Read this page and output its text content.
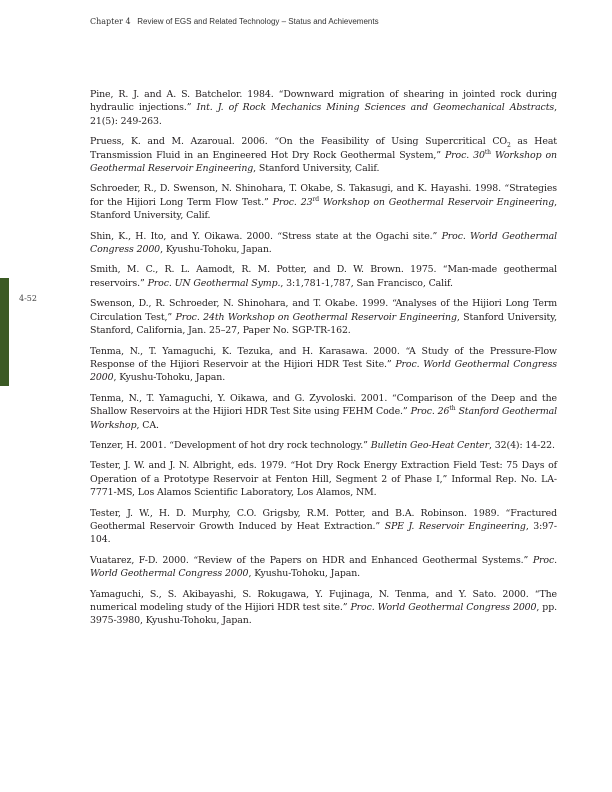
Chapter 4 Review of EGS and Related Technology – Status and Achievements
4-52

Pine, R. J. and A. S. Batchelor. 1984. “Downward migration of shearing in jointed rock during hydraulic injections.” Int. J. of Rock Mechanics Mining Sciences and Geomechanical Abstracts, 21(5): 249-263.

Pruess, K. and M. Azaroual. 2006. “On the Feasibility of Using Supercritical $CO_2$ as Heat Transmission Fluid in an Engineered Hot Dry Rock Geothermal System,” Proc. 30th Workshop on Geothermal Reservoir Engineering, Stanford University, Calif.

Schroeder, R., D. Swenson, N. Shinohara, T. Okabe, S. Takasugi, and K. Hayashi. 1998. “Strategies for the Hijiori Long Term Flow Test.” Proc. 23rd Workshop on Geothermal Reservoir Engineering, Stanford University, Calif.

Shin, K., H. Ito, and Y. Oikawa. 2000. “Stress state at the Ogachi site.” Proc. World Geothermal Congress 2000, Kyushu-Tohoku, Japan.

Smith, M. C., R. L. Aamodt, R. M. Potter, and D. W. Brown. 1975. “Man-made geothermal reservoirs.” Proc. UN Geothermal Symp., 3:1,781-1,787, San Francisco, Calif.

Swenson, D., R. Schroeder, N. Shinohara, and T. Okabe. 1999. “Analyses of the Hijiori Long Term Circulation Test,” Proc. 24th Workshop on Geothermal Reservoir Engineering, Stanford University, Stanford, California, Jan. 25–27, Paper No. SGP-TR-162.

Tenma, N., T. Yamaguchi, K. Tezuka, and H. Karasawa. 2000. “A Study of the Pressure-Flow Response of the Hijiori Reservoir at the Hijiori HDR Test Site.” Proc. World Geothermal Congress 2000, Kyushu-Tohoku, Japan.

Tenma, N., T. Yamaguchi, Y. Oikawa, and G. Zyvoloski. 2001. “Comparison of the Deep and the Shallow Reservoirs at the Hijiori HDR Test Site using FEHM Code.” Proc. 26th Stanford Geothermal Workshop, CA.

Tenzer, H. 2001. “Development of hot dry rock technology.” Bulletin Geo-Heat Center, 32(4): 14-22.

Tester, J. W. and J. N. Albright, eds. 1979. “Hot Dry Rock Energy Extraction Field Test: 75 Days of Operation of a Prototype Reservoir at Fenton Hill, Segment 2 of Phase I,” Informal Rep. No. LA-7771-MS, Los Alamos Scientific Laboratory, Los Alamos, NM.

Tester, J. W., H. D. Murphy, C.O. Grigsby, R.M. Potter, and B.A. Robinson. 1989. “Fractured Geothermal Reservoir Growth Induced by Heat Extraction.” SPE J. Reservoir Engineering, 3:97-104.

Vuatarez, F-D. 2000. “Review of the Papers on HDR and Enhanced Geothermal Systems.” Proc. World Geothermal Congress 2000, Kyushu-Tohoku, Japan.

Yamaguchi, S., S. Akibayashi, S. Rokugawa, Y. Fujinaga, N. Tenma, and Y. Sato. 2000. “The numerical modeling study of the Hijiori HDR test site.” Proc. World Geothermal Congress 2000, pp. 3975-3980, Kyushu-Tohoku, Japan.
